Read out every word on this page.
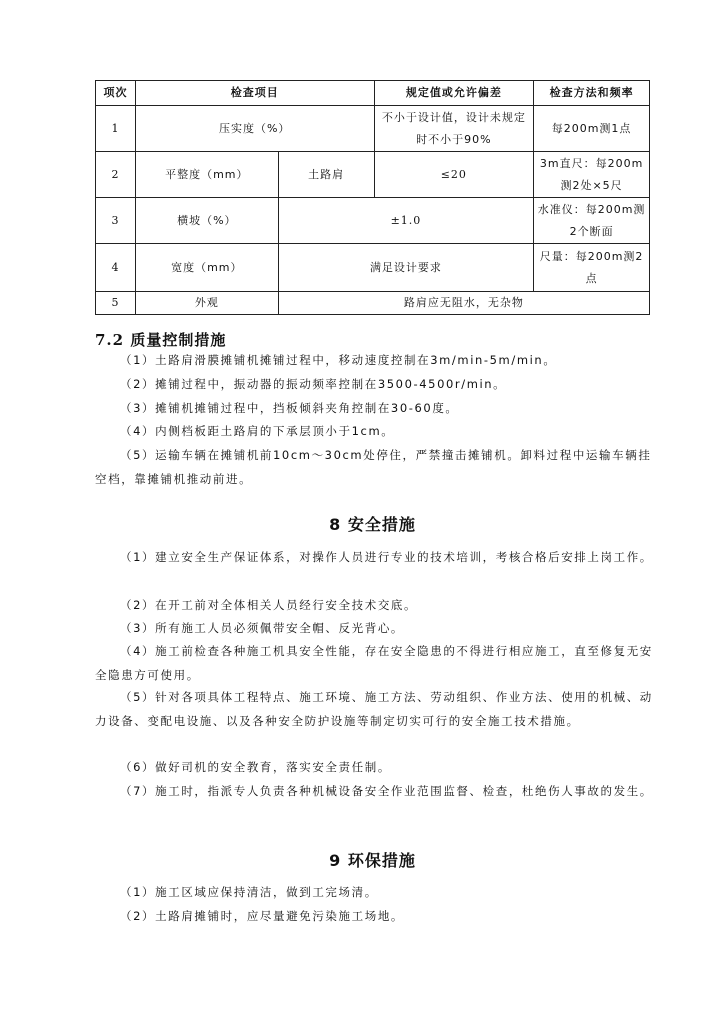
项次	检查项目		规定值或允许偏差	检查方法和频率
1	压实度（%）		不小于设计值，设计未规定时不小于90%	每200m测1点
2	平整度（mm）	土路肩	≤20	3m直尺：每200m测2处×5尺
3	横坡（%）	±1.0		水准仪：每200m测2个断面
4	宽度（mm）	满足设计要求		尺量：每200m测2点
5	外观	路肩应无阻水，无杂物		
7.2 质量控制措施

（1）土路肩滑膜摊铺机摊铺过程中，移动速度控制在3m/min-5m/min。

（2）摊铺过程中，振动器的振动频率控制在3500-4500r/min。

（3）摊铺机摊铺过程中，挡板倾斜夹角控制在30-60度。

（4）内侧档板距土路肩的下承层顶小于1cm。

（5）运输车辆在摊铺机前10cm～30cm处停住，严禁撞击摊铺机。卸料过程中运输车辆挂空档，靠摊铺机推动前进。

8 安全措施

（1）建立安全生产保证体系，对操作人员进行专业的技术培训，考核合格后安排上岗工作。

（2）在开工前对全体相关人员经行安全技术交底。

（3）所有施工人员必须佩带安全帽、反光背心。

（4）施工前检查各种施工机具安全性能，存在安全隐患的不得进行相应施工，直至修复无安全隐患方可使用。

（5）针对各项具体工程特点、施工环境、施工方法、劳动组织、作业方法、使用的机械、动力设备、变配电设施、以及各种安全防护设施等制定切实可行的安全施工技术措施。

（6）做好司机的安全教育，落实安全责任制。

（7）施工时，指派专人负责各种机械设备安全作业范围监督、检查，杜绝伤人事故的发生。

9 环保措施

（1）施工区域应保持清洁，做到工完场清。

（2）土路肩摊铺时，应尽量避免污染施工场地。
